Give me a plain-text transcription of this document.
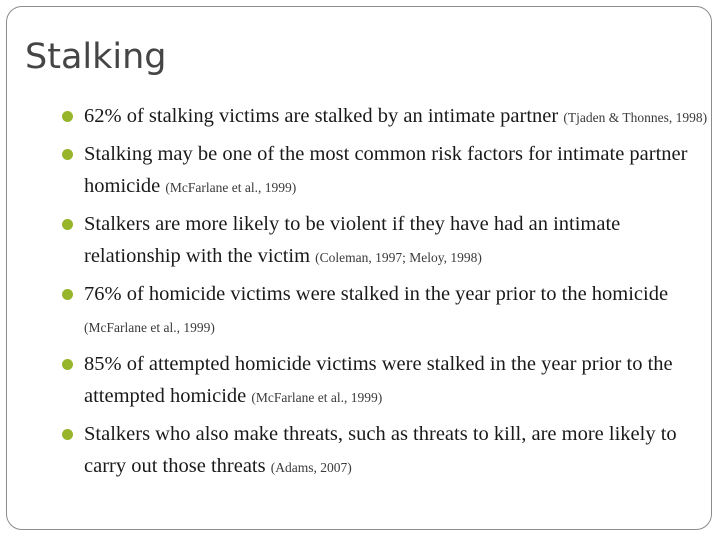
Stalking
62% of stalking victims are stalked by an intimate partner (Tjaden & Thonnes, 1998)
Stalking may be one of the most common risk factors for intimate partner homicide (McFarlane et al., 1999)
Stalkers are more likely to be violent if they have had an intimate relationship with the victim (Coleman, 1997; Meloy, 1998)
76% of homicide victims were stalked in the year prior to the homicide (McFarlane et al., 1999)
85% of attempted homicide victims were stalked in the year prior to the attempted homicide (McFarlane et al., 1999)
Stalkers who also make threats, such as threats to kill, are more likely to carry out those threats (Adams, 2007)
